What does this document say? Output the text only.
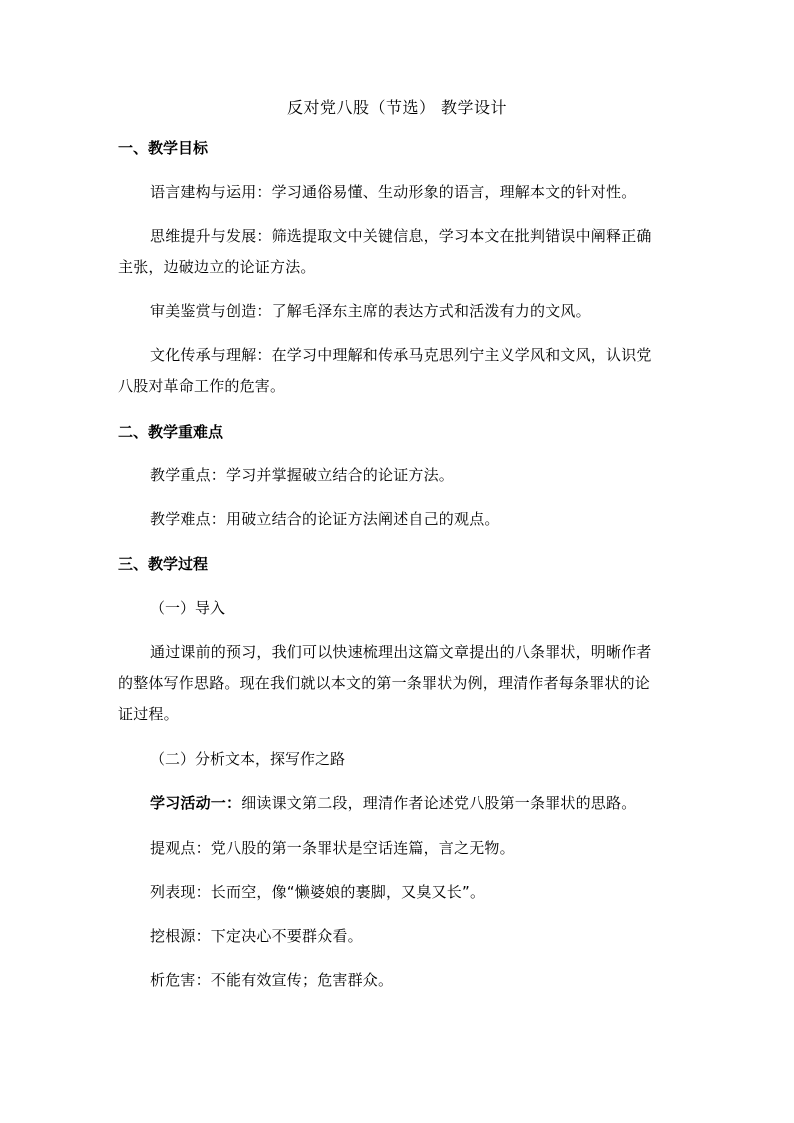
反对党八股（节选） 教学设计
一、教学目标
语言建构与运用：学习通俗易懂、生动形象的语言，理解本文的针对性。
思维提升与发展：筛选提取文中关键信息，学习本文在批判错误中阐释正确
主张，边破边立的论证方法。
审美鉴赏与创造：了解毛泽东主席的表达方式和活泼有力的文风。
文化传承与理解：在学习中理解和传承马克思列宁主义学风和文风，认识党
八股对革命工作的危害。
二、教学重难点
教学重点：学习并掌握破立结合的论证方法。
教学难点：用破立结合的论证方法阐述自己的观点。
三、教学过程
（一）导入
通过课前的预习，我们可以快速梳理出这篇文章提出的八条罪状，明晰作者
的整体写作思路。现在我们就以本文的第一条罪状为例，理清作者每条罪状的论
证过程。
（二）分析文本，探写作之路
学习活动一：细读课文第二段，理清作者论述党八股第一条罪状的思路。
提观点：党八股的第一条罪状是空话连篇，言之无物。
列表现：长而空，像“懒婆娘的裹脚，又臭又长”。
挖根源：下定决心不要群众看。
析危害：不能有效宣传；危害群众。
